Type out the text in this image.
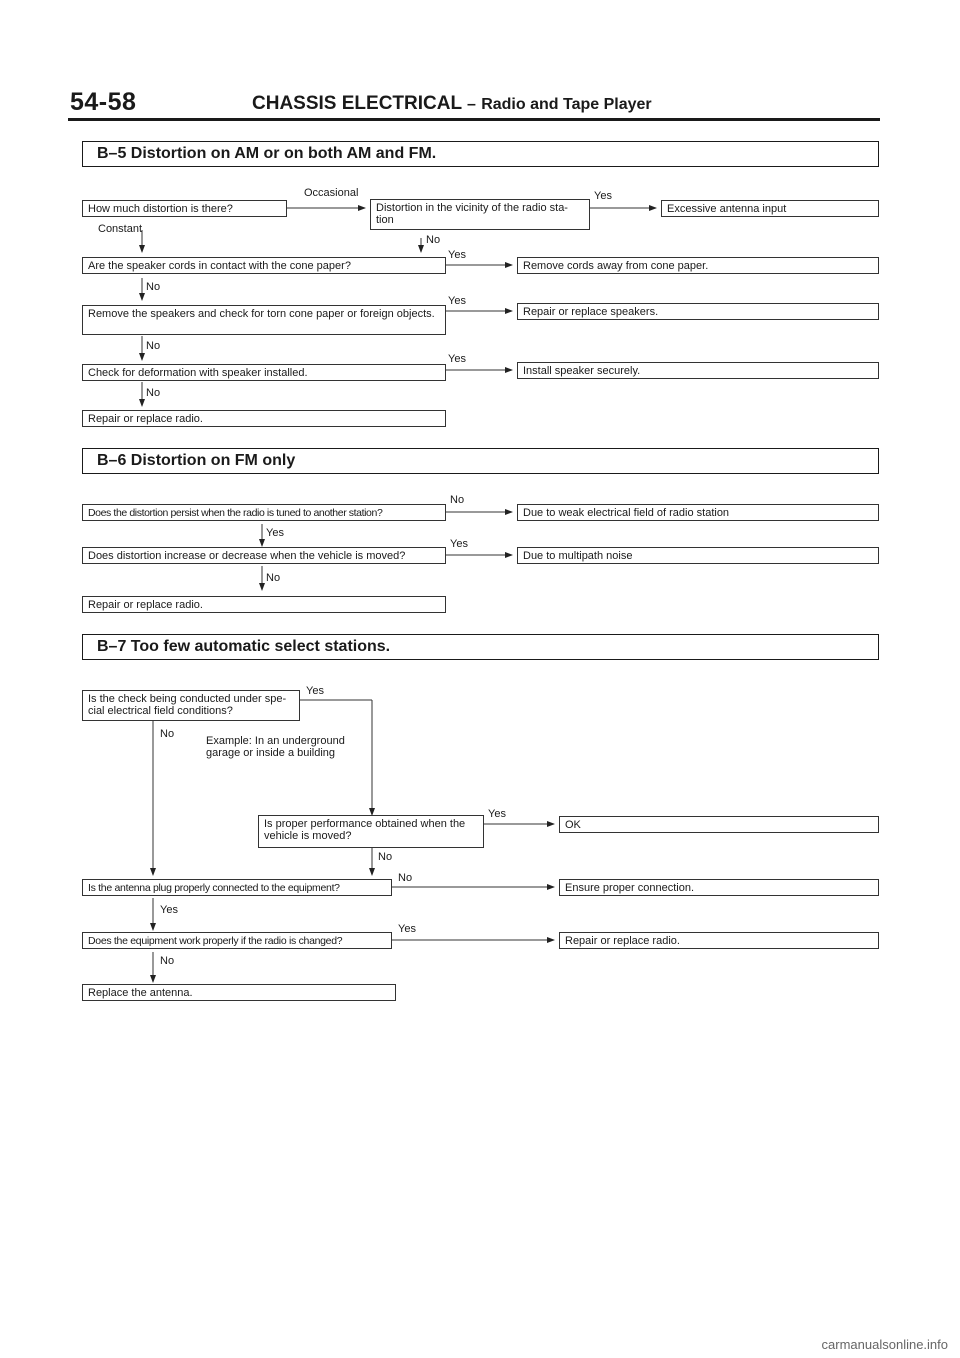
54-58	CHASSIS ELECTRICAL – Radio and Tape Player
B–5 Distortion on AM or on both AM and FM.
How much distortion is there?
Occasional
Constant
Distortion in the vicinity of the radio sta- tion
Yes
Excessive antenna input
No
Are the speaker cords in contact with the cone paper?
Yes
Remove cords away from cone paper.
No
Remove the speakers and check for torn cone paper or foreign objects.
Yes
Repair or replace speakers.
No
Check for deformation with speaker installed.
Yes
Install speaker securely.
No
Repair or replace radio.
B–6 Distortion on FM only
Does the distortion persist when the radio is tuned to another station?
No
Due to weak electrical field of radio station
Yes
Does distortion increase or decrease when the vehicle is moved?
Yes
Due to multipath noise
No
Repair or replace radio.
B–7 Too few automatic select stations.
Is the check being conducted under spe- cial electrical field conditions?
Yes
No
Example: In an underground garage or inside a building
Is proper performance obtained when the vehicle is moved?
Yes
OK
No
Is the antenna plug properly connected to the equipment?
No
Ensure proper connection.
Yes
Does the equipment work properly if the radio is changed?
Yes
Repair or replace radio.
No
Replace the antenna.
carmanualsonline.info
